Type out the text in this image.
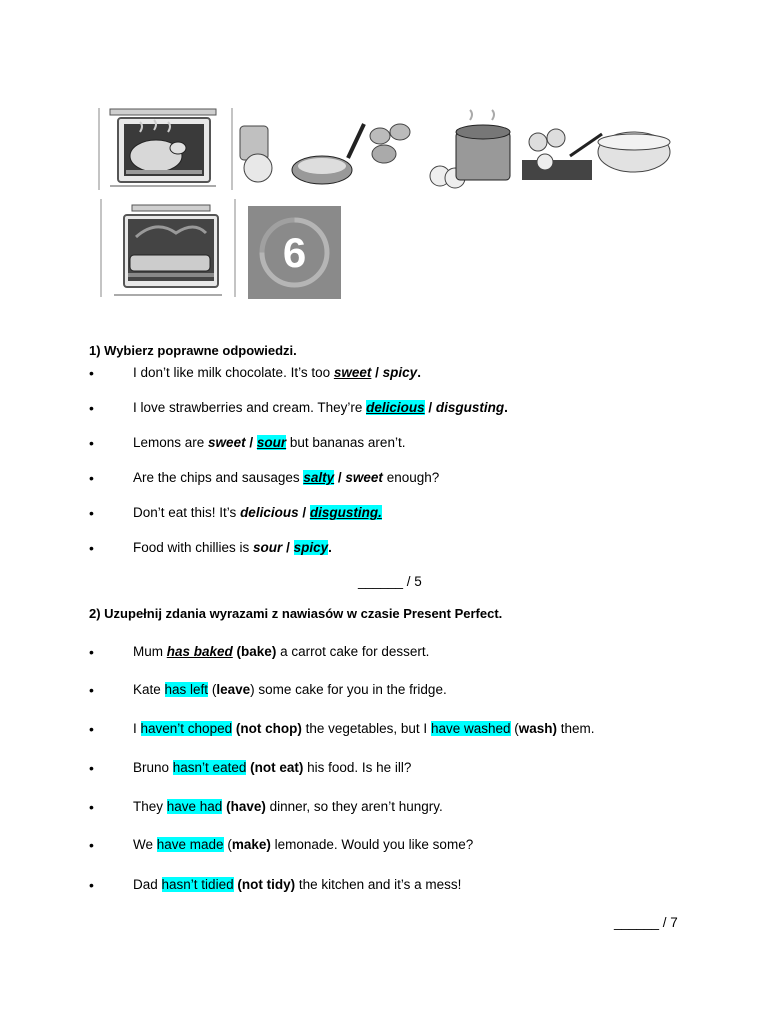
6
1) Wybierz poprawne odpowiedzi.
•	I don’t like milk chocolate. It’s too sweet / spicy.
•	I love strawberries and cream. They’re delicious / disgusting.
•	Lemons are sweet / sour but bananas aren’t.
•	Are the chips and sausages salty / sweet enough?
•	Don’t eat this! It’s delicious / disgusting.
•	Food with chillies is sour / spicy.
______ / 5
2) Uzupełnij zdania wyrazami z nawiasów w czasie Present Perfect.
•	Mum has baked (bake) a carrot cake for dessert.
•	Kate has left (leave) some cake for you in the fridge.
•	I haven’t choped (not chop) the vegetables, but I have washed (wash) them.
•	Bruno hasn’t eated (not eat) his food. Is he ill?
•	They have had (have) dinner, so they aren’t hungry.
•	We have made (make) lemonade. Would you like some?
•	Dad hasn’t tidied (not tidy) the kitchen and it’s a mess!
______ / 7
